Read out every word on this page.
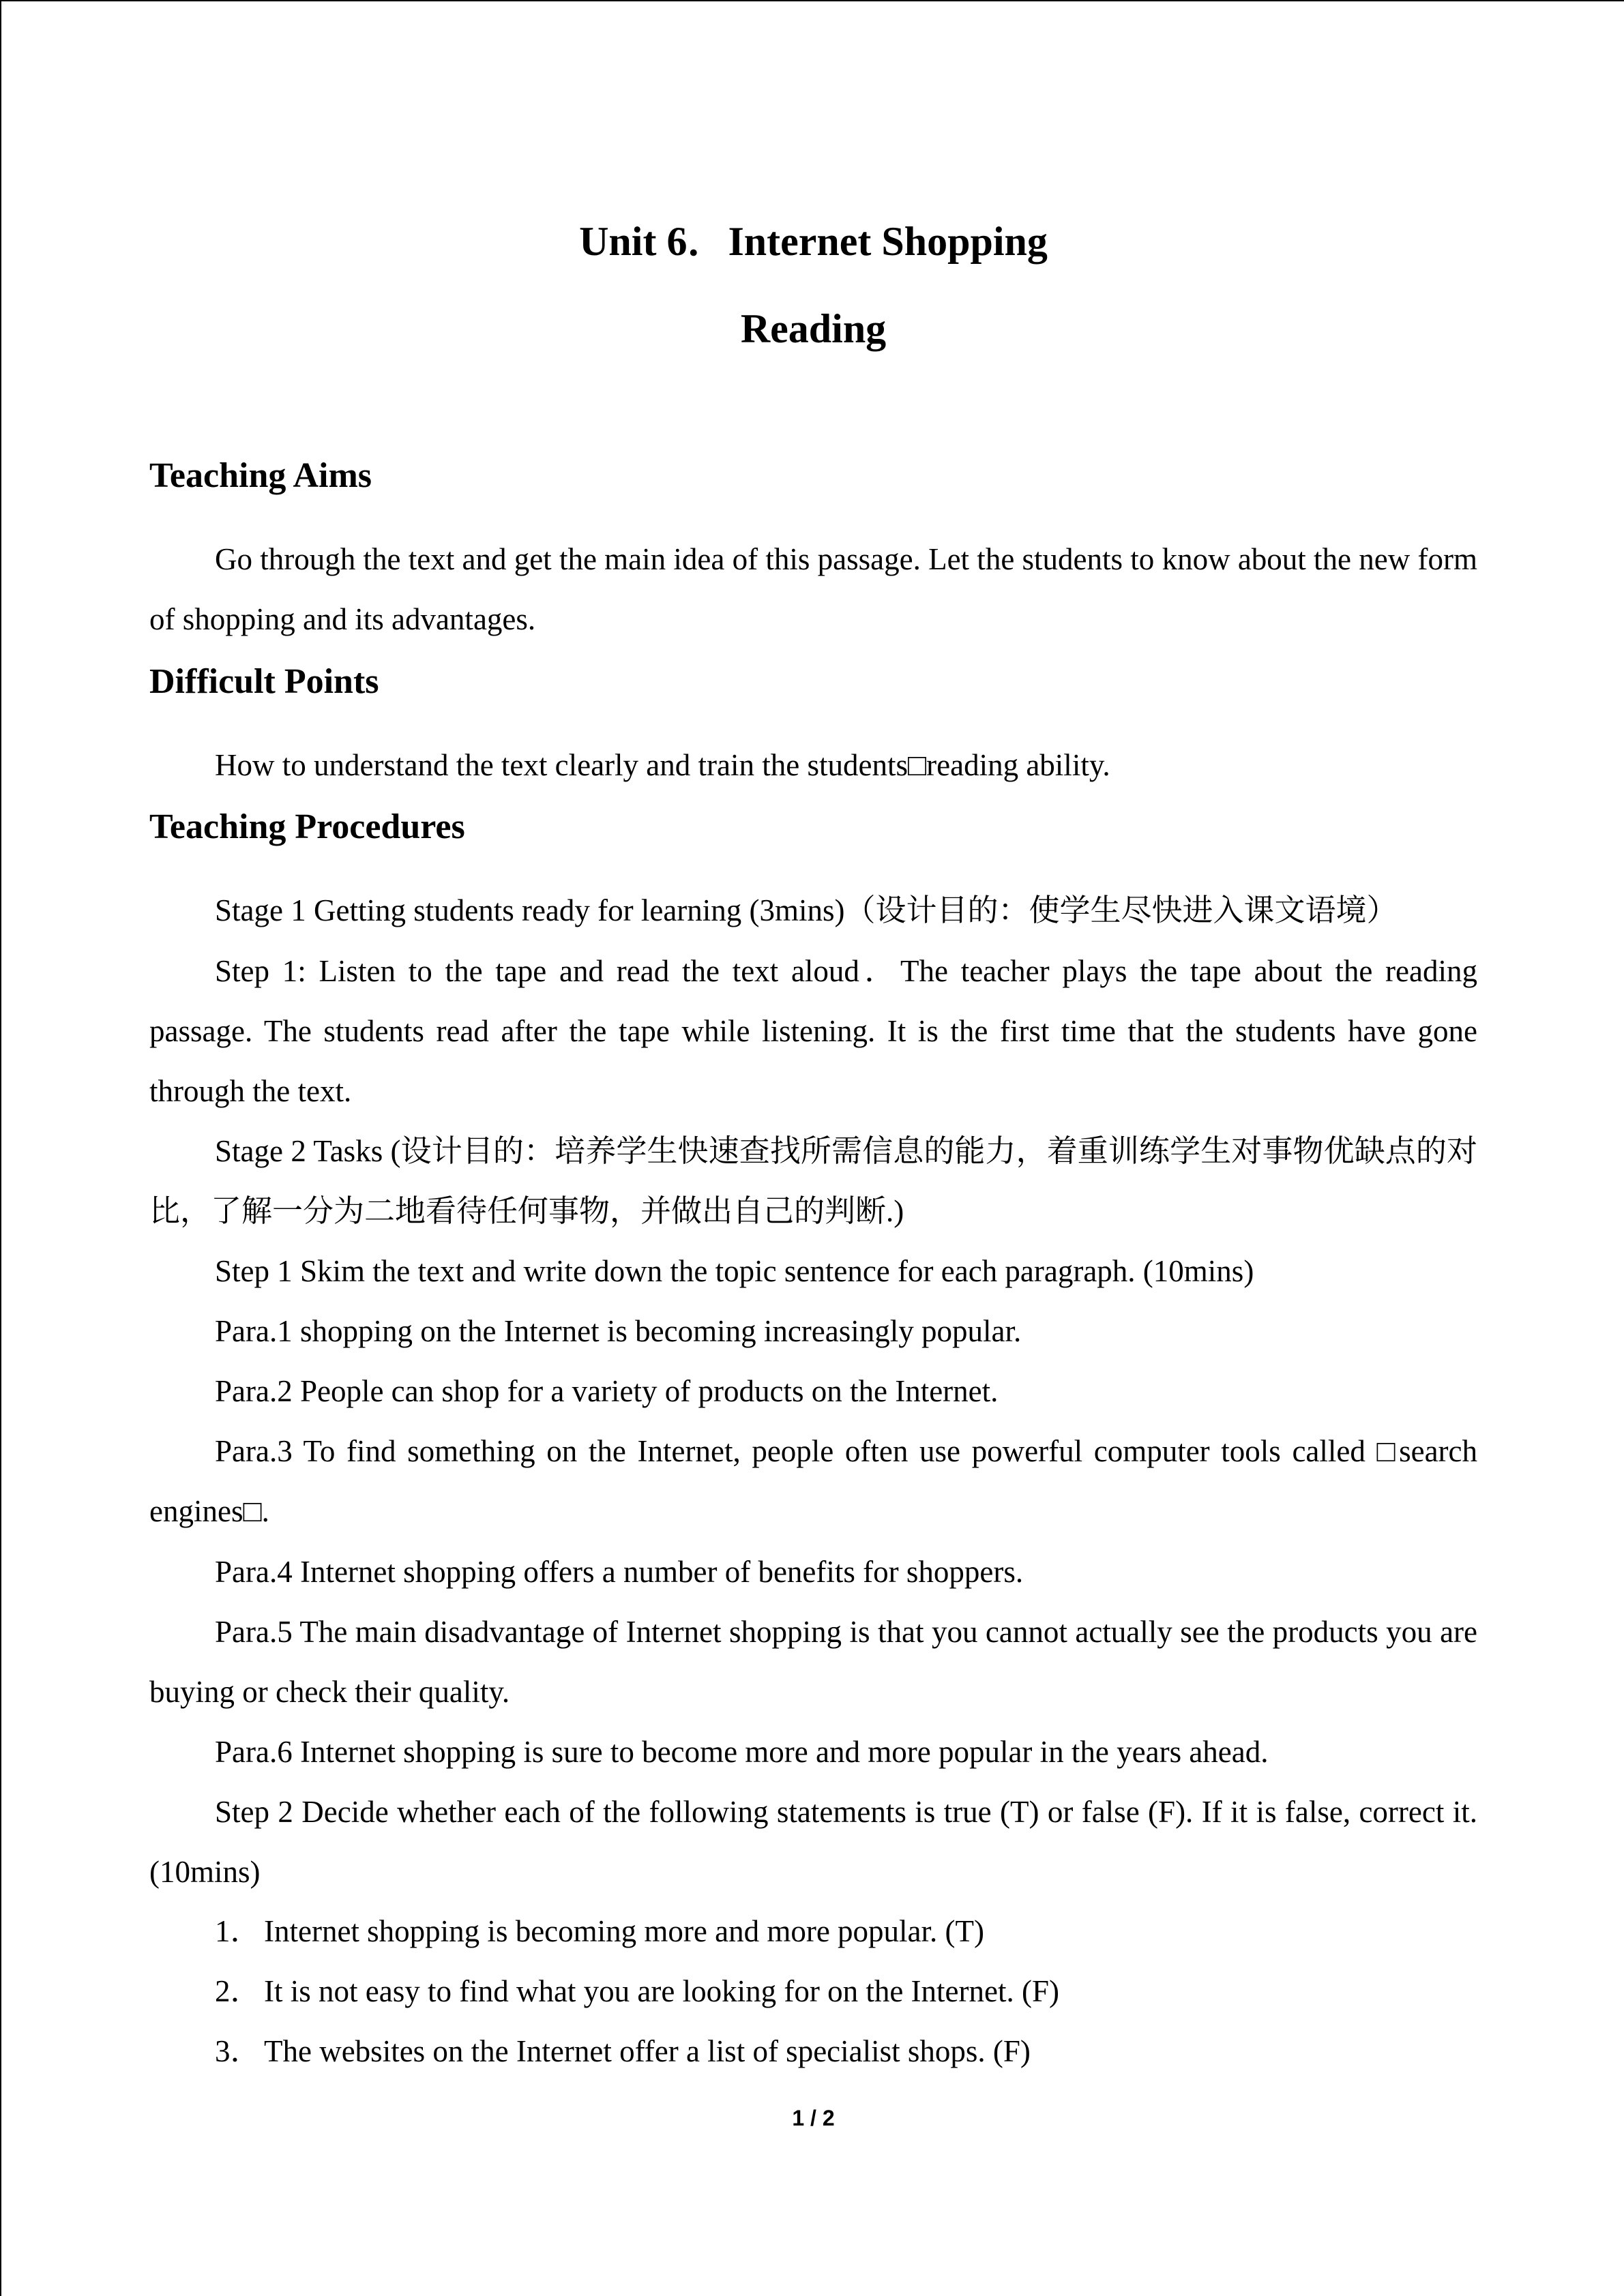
Unit 6．Internet Shopping
Reading
Teaching Aims

Go through the text and get the main idea of this passage. Let the students to know about the new form of shopping and its advantages.

Difficult Points

How to understand the text clearly and train the students□reading ability.

Teaching Procedures

Stage 1 Getting students ready for learning (3mins)（设计目的：使学生尽快进入课文语境）

Step 1: Listen to the tape and read the text aloud．The teacher plays the tape about the reading passage. The students read after the tape while listening. It is the first time that the students have gone through the text.

Stage 2 Tasks (设计目的：培养学生快速查找所需信息的能力，着重训练学生对事物优缺点的对比，了解一分为二地看待任何事物，并做出自己的判断.)

Step 1 Skim the text and write down the topic sentence for each paragraph. (10mins)

Para.1 shopping on the Internet is becoming increasingly popular.

Para.2 People can shop for a variety of products on the Internet.

Para.3 To find something on the Internet, people often use powerful computer tools called □search engines□.

Para.4 Internet shopping offers a number of benefits for shoppers.

Para.5 The main disadvantage of Internet shopping is that you cannot actually see the products you are buying or check their quality.

Para.6 Internet shopping is sure to become more and more popular in the years ahead.

Step 2 Decide whether each of the following statements is true (T) or false (F). If it is false, correct it. (10mins)

1．Internet shopping is becoming more and more popular. (T)
2．It is not easy to find what you are looking for on the Internet. (F)
3．The websites on the Internet offer a list of specialist shops. (F)
1 / 2
